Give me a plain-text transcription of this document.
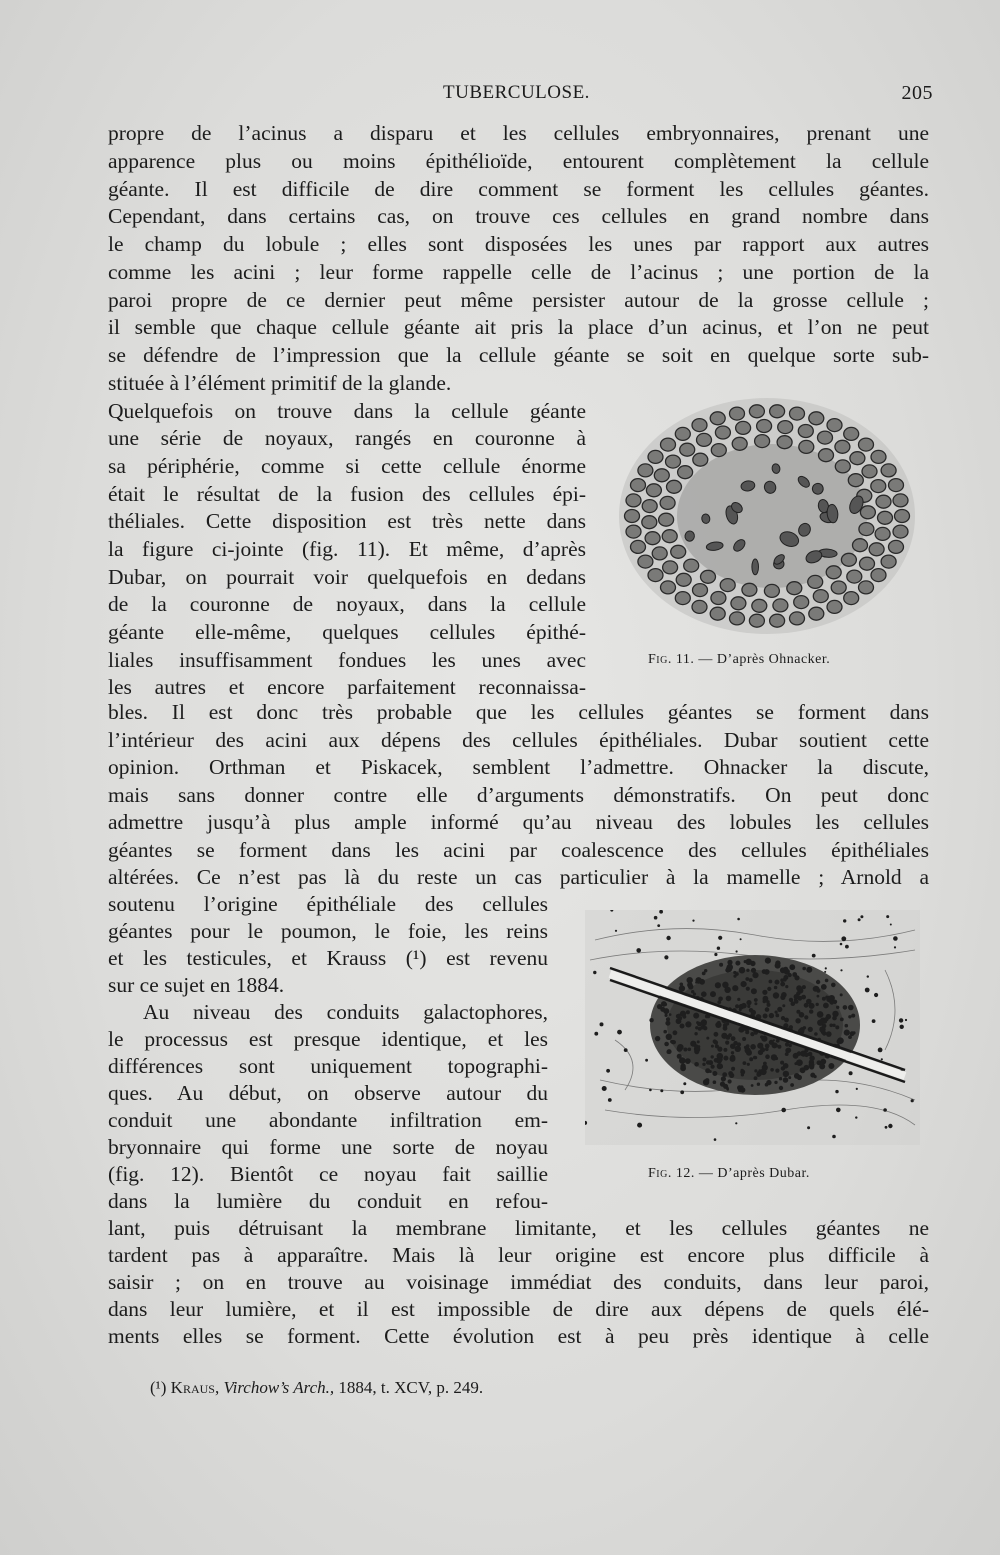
TUBERCULOSE.	205
propre de l’acinus a disparu et les cellules embryonnaires, prenant une
apparence plus ou moins épithélioïde, entourent complètement la cellule
géante. Il est difficile de dire comment se forment les cellules géantes.
Cependant, dans certains cas, on trouve ces cellules en grand nombre dans
le champ du lobule ; elles sont disposées les unes par rapport aux autres
comme les acini ; leur forme rappelle celle de l’acinus ; une portion de la
paroi propre de ce dernier peut même persister autour de la grosse cellule ;
il semble que chaque cellule géante ait pris la place d’un acinus, et l’on ne peut
se défendre de l’impression que la cellule géante se soit en quelque sorte sub-
stituée à l’élément primitif de la glande.
Quelquefois on trouve dans la cellule géante
une série de noyaux, rangés en couronne à
sa périphérie, comme si cette cellule énorme
était le résultat de la fusion des cellules épi-
théliales. Cette disposition est très nette dans
la figure ci-jointe (fig. 11). Et même, d’après
Dubar, on pourrait voir quelquefois en dedans
de la couronne de noyaux, dans la cellule
géante elle-même, quelques cellules épithé-
liales insuffisamment fondues les unes avec
les autres et encore parfaitement reconnaissa-
bles. Il est donc très probable que les cellules géantes se forment dans
l’intérieur des acini aux dépens des cellules épithéliales. Dubar soutient cette
opinion. Orthman et Piskacek, semblent l’admettre. Ohnacker la discute,
mais sans donner contre elle d’arguments démonstratifs. On peut donc
admettre jusqu’à plus ample informé qu’au niveau des lobules les cellules
géantes se forment dans les acini par coalescence des cellules épithéliales
altérées. Ce n’est pas là du reste un cas particulier à la mamelle ; Arnold a
soutenu l’origine épithéliale des cellules
géantes pour le poumon, le foie, les reins
et les testicules, et Krauss (¹) est revenu
sur ce sujet en 1884.
Au niveau des conduits galactophores,
le processus est presque identique, et les
différences sont uniquement topographi-
ques. Au début, on observe autour du
conduit une abondante infiltration em-
bryonnaire qui forme une sorte de noyau
(fig. 12). Bientôt ce noyau fait saillie
dans la lumière du conduit en refou-
lant, puis détruisant la membrane limitante, et les cellules géantes ne
tardent pas à apparaître. Mais là leur origine est encore plus difficile à
saisir ; on en trouve au voisinage immédiat des conduits, dans leur paroi,
dans leur lumière, et il est impossible de dire aux dépens de quels élé-
ments elles se forment. Cette évolution est à peu près identique à celle
Fig. 11. — D’après Ohnacker.
Fig. 12. — D’après Dubar.
(¹) Kraus, Virchow’s Arch., 1884, t. XCV, p. 249.
